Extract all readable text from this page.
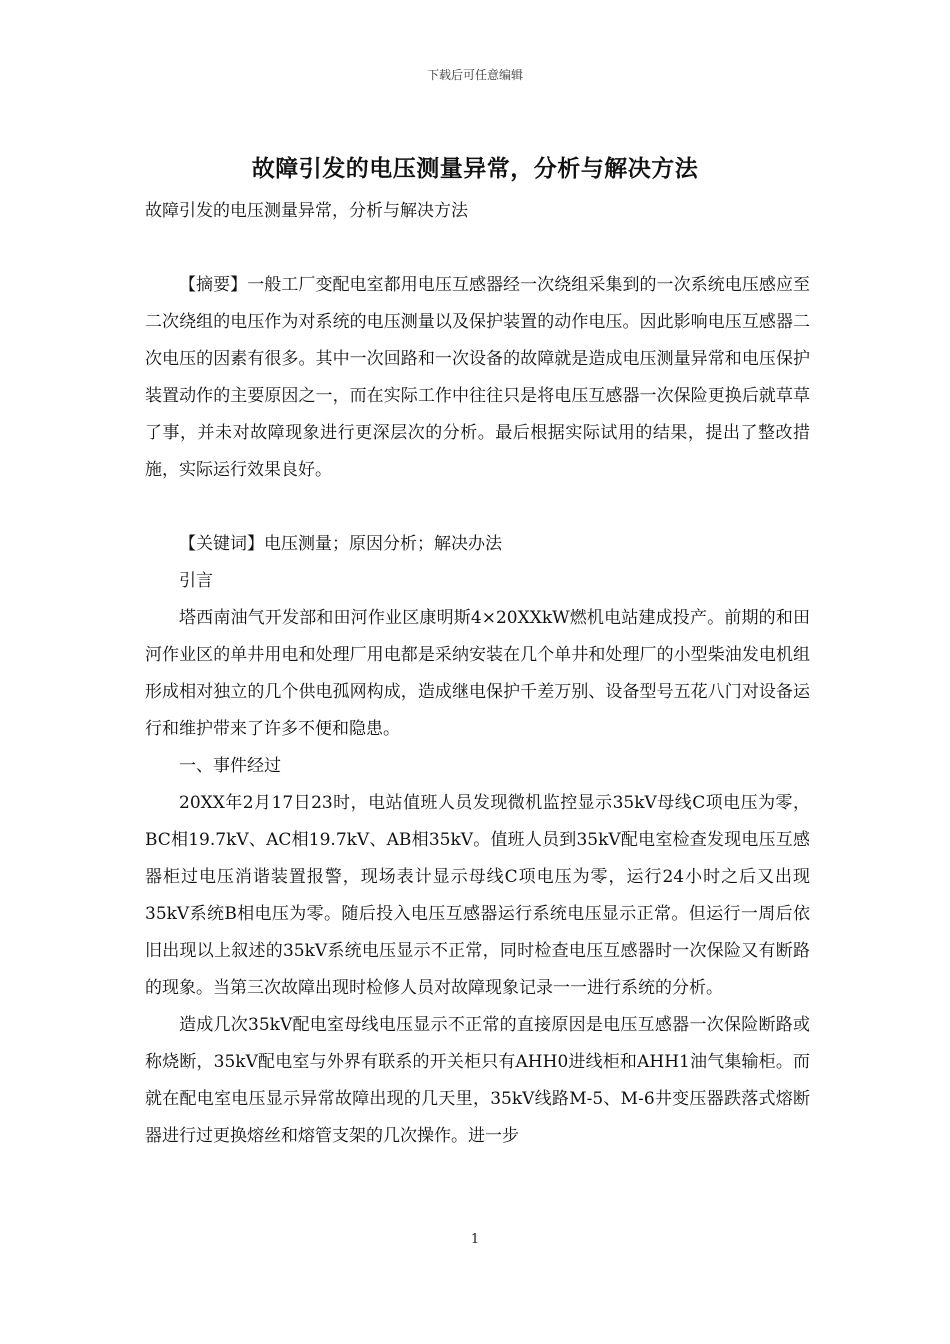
下载后可任意编辑
故障引发的电压测量异常，分析与解决方法

故障引发的电压测量异常，分析与解决方法

【摘要】一般工厂变配电室都用电压互感器经一次绕组采集到的一次系统电压感应至二次绕组的电压作为对系统的电压测量以及保护装置的动作电压。因此影响电压互感器二次电压的因素有很多。其中一次回路和一次设备的故障就是造成电压测量异常和电压保护装置动作的主要原因之一，而在实际工作中往往只是将电压互感器一次保险更换后就草草了事，并未对故障现象进行更深层次的分析。最后根据实际试用的结果，提出了整改措施，实际运行效果良好。

【关键词】电压测量；原因分析；解决办法

引言

塔西南油气开发部和田河作业区康明斯4×20XXkW燃机电站建成投产。前期的和田河作业区的单井用电和处理厂用电都是采纳安装在几个单井和处理厂的小型柴油发电机组形成相对独立的几个供电孤网构成，造成继电保护千差万别、设备型号五花八门对设备运行和维护带来了许多不便和隐患。

一、事件经过

20XX年2月17日23时，电站值班人员发现微机监控显示35kV母线C项电压为零，BC相19.7kV、AC相19.7kV、AB相35kV。值班人员到35kV配电室检查发现电压互感器柜过电压消谐装置报警，现场表计显示母线C项电压为零，运行24小时之后又出现35kV系统B相电压为零。随后投入电压互感器运行系统电压显示正常。但运行一周后依旧出现以上叙述的35kV系统电压显示不正常，同时检查电压互感器时一次保险又有断路的现象。当第三次故障出现时检修人员对故障现象记录一一进行系统的分析。

造成几次35kV配电室母线电压显示不正常的直接原因是电压互感器一次保险断路或称烧断，35kV配电室与外界有联系的开关柜只有AHH0进线柜和AHH1油气集输柜。而就在配电室电压显示异常故障出现的几天里，35kV线路M-5、M-6井变压器跌落式熔断器进行过更换熔丝和熔管支架的几次操作。进一步

1
